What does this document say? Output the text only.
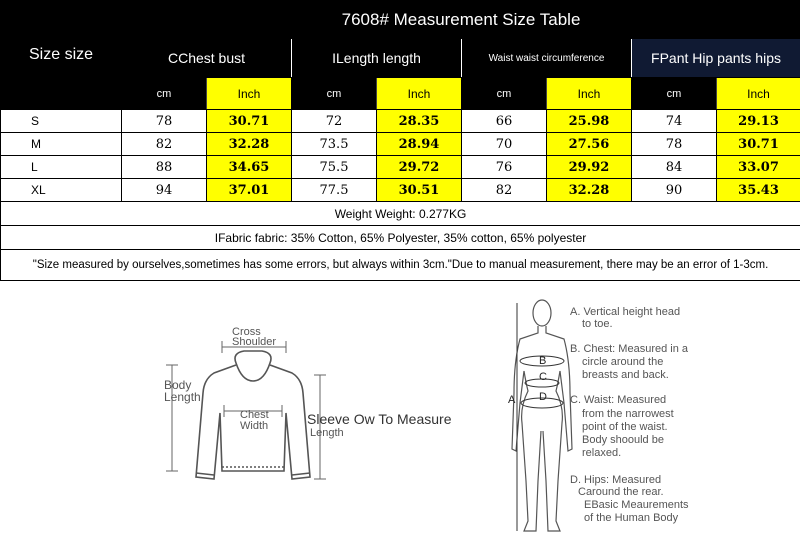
Size size	7608# Measurement Size Table							
	CChest bust		ILength length		Waist waist circumference		FPant Hip pants hips	
	cm	Inch	cm	Inch	cm	Inch	cm	Inch
S	78	30.71	72	28.35	66	25.98	74	29.13
M	82	32.28	73.5	28.94	70	27.56	78	30.71
L	88	34.65	75.5	29.72	76	29.92	84	33.07
XL	94	37.01	77.5	30.51	82	32.28	90	35.43
Weight Weight: 0.277KG								
IFabric fabric: 35% Cotton, 65% Polyester, 35% cotton, 65% polyester								
"Size measured by ourselves,sometimes has some errors, but always within 3cm."Due to manual measurement, there may be an error of 1-3cm.								
Cross
Shoulder
Body
Length
Chest
Width	Sleeve Ow To Measure
Length
B
C
D
A
A. Vertical height head
to toe.
B. Chest: Measured in a
circle around the
breasts and back.
C. Waist: Measured
from the narrowest
point of the waist.
Body shoould be
relaxed.
D. Hips: Measured
Caround the rear.
EBasic Meaurements
of the Human Body
